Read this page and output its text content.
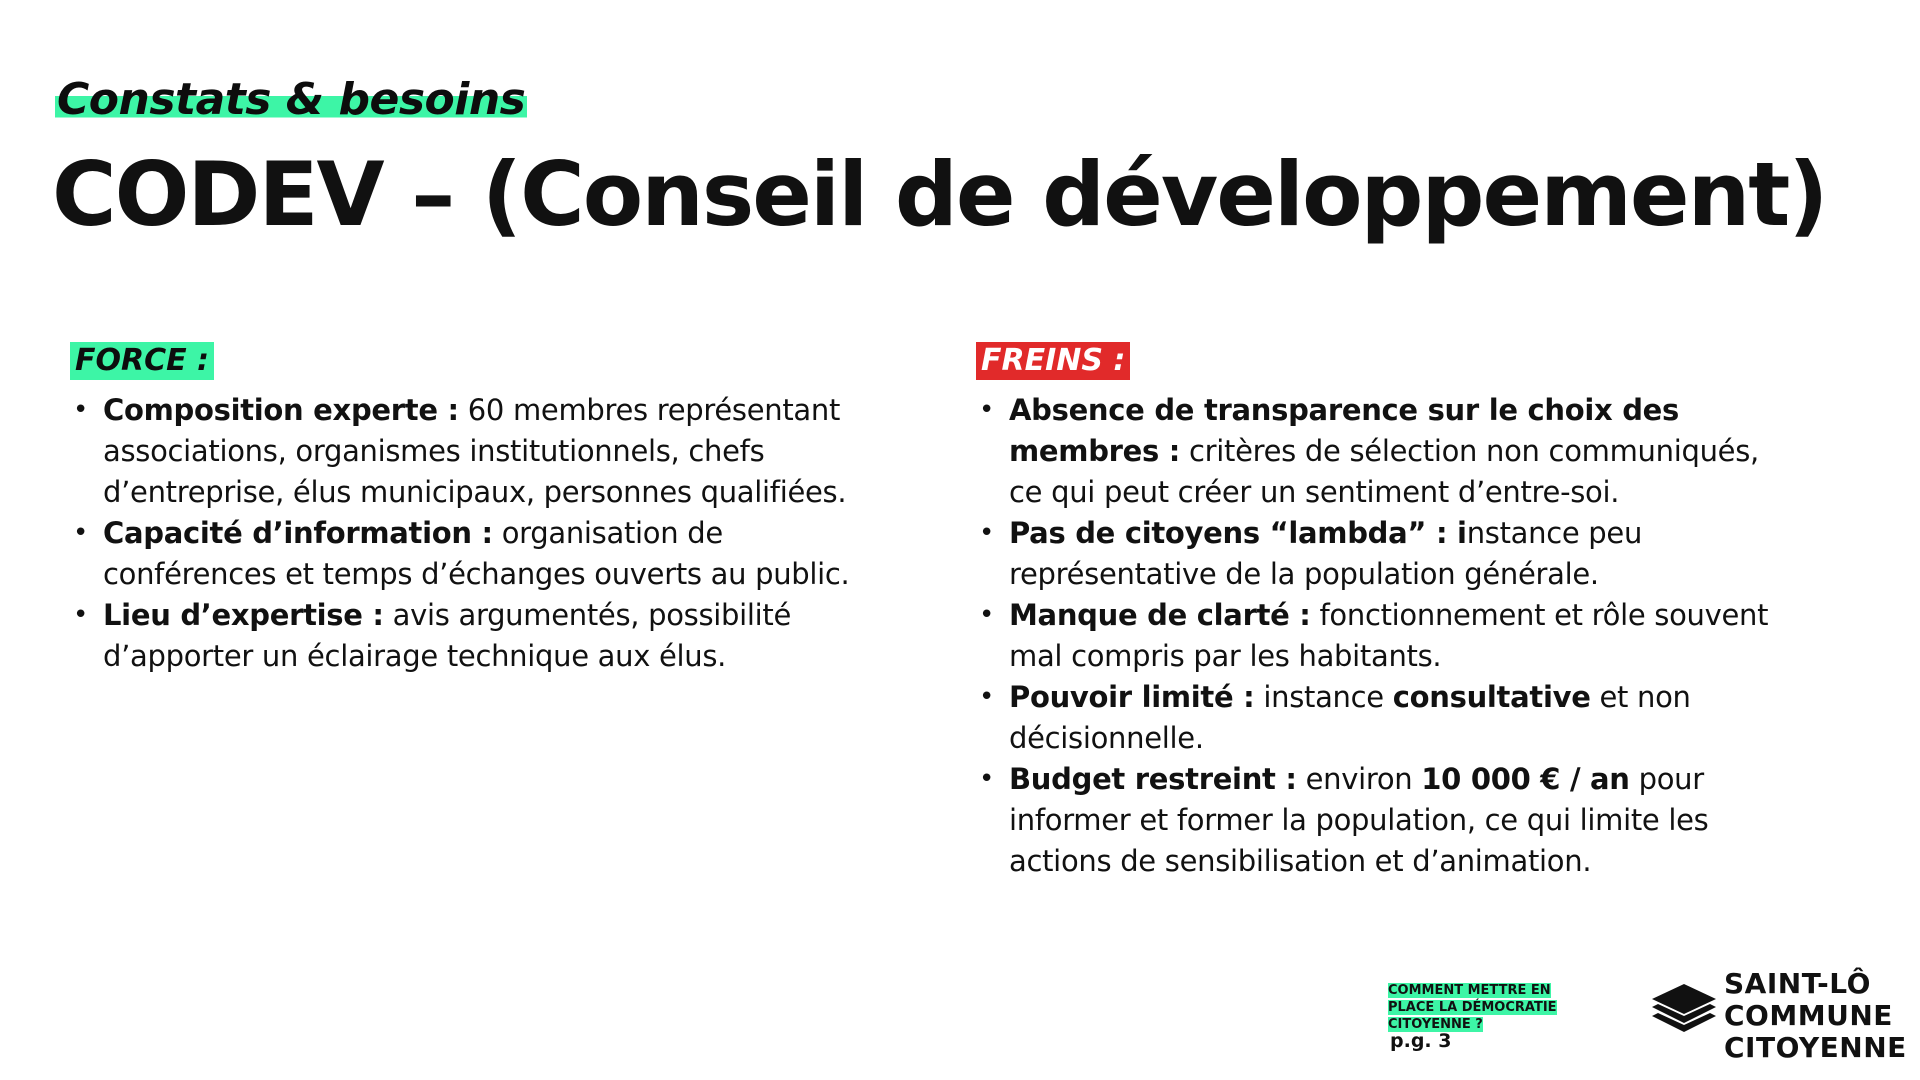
Constats & besoins
CODEV – (Conseil de développement)
FORCE :
• Composition experte : 60 membres représentant associations, organismes institutionnels, chefs d’entreprise, élus municipaux, personnes qualifiées.
• Capacité d’information : organisation de conférences et temps d’échanges ouverts au public.
• Lieu d’expertise : avis argumentés, possibilité d’apporter un éclairage technique aux élus.
FREINS :
• Absence de transparence sur le choix des membres : critères de sélection non communiqués, ce qui peut créer un sentiment d’entre-soi.
• Pas de citoyens “lambda” : instance peu représentative de la population générale.
• Manque de clarté : fonctionnement et rôle souvent mal compris par les habitants.
• Pouvoir limité : instance consultative et non décisionnelle.
• Budget restreint : environ 10 000 € / an pour informer et former la population, ce qui limite les actions de sensibilisation et d’animation.
COMMENT METTRE EN PLACE LA DÉMOCRATIE CITOYENNE ?
p.g. 3
SAINT-LÔ
COMMUNE
CITOYENNE
